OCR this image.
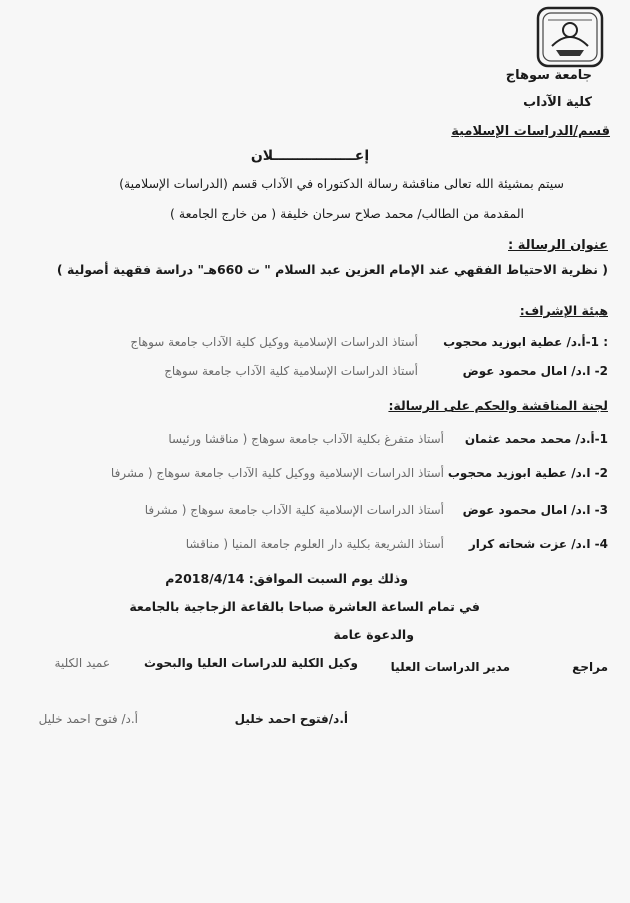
جامعة سوهاج
كلية الآداب
قسم/الدراسات الإسلامية
إعـــــــــــــــــلان
سيتم بمشيئة الله تعالى مناقشة رسالة الدكتوراه في الآداب قسم (الدراسات الإسلامية)
المقدمة من الطالب/ محمد صلاح سرحان خليفة ( من خارج الجامعة )
عنوان الرسالة :
( نظرية الاحتياط الفقهي عند الإمام العزين عبد السلام " ت 660هـ" دراسة فقهية أصولية )
هيئة الإشراف:
: 1-أ.د/ عطية ابوزيد محجوب
أستاذ الدراسات الإسلامية ووكيل كلية الآداب جامعة سوهاج
2- ا.د/ امال محمود عوض
أستاذ الدراسات الإسلامية كلية الآداب جامعة سوهاج
لجنة المناقشة والحكم على الرسالة:
1-أ.د/ محمد محمد عثمان
أستاذ متفرغ بكلية الآداب جامعة سوهاج ( مناقشا ورئيسا
2- ا.د/ عطية ابوزيد محجوب
أستاذ الدراسات الإسلامية ووكيل كلية الآداب جامعة سوهاج ( مشرفا
3- ا.د/ امال محمود عوض
أستاذ الدراسات الإسلامية كلية الآداب جامعة سوهاج ( مشرفا
4- ا.د/ عزت شحاته كرار
أستاذ الشريعة بكلية دار العلوم جامعة المنيا ( مناقشا
وذلك يوم السبت الموافق: 2018/4/14م
في تمام الساعة العاشرة صباحا بالقاعة الزجاجية بالجامعة
والدعوة عامة
مراجع
مدير الدراسات العليا
وكيل الكلية للدراسات العليا والبحوث
عميد الكلية
أ.د/فتوح احمد خليل
أ.د/ فتوح احمد خليل
